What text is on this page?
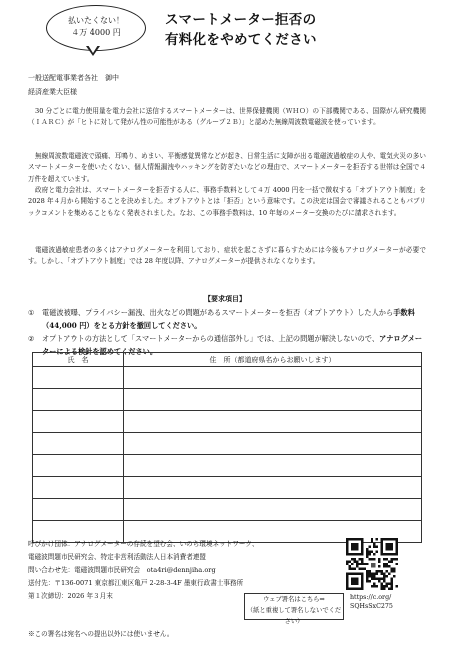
払いたくない！
４万 4000 円
スマートメーター拒否の
有料化をやめてください
一般送配電事業者各社　御中
経済産業大臣様
30 分ごとに電力使用量を電力会社に送信するスマートメーターは、世界保健機関（ＷＨＯ）の下部機関である、国際がん研究機関（ＩＡＲＣ）が「ヒトに対して発がん性の可能性がある（グループ２Ｂ）」と認めた無線周波数電磁波を使っています。
無線周波数電磁波で頭痛、耳鳴り、めまい、平衡感覚異常などが起き、日常生活に支障が出る電磁波過敏症の人や、電気火災の多いスマートメーターを使いたくない、個人情報漏洩やハッキングを防ぎたいなどの理由で、スマートメーターを拒否する世帯は全国で４万件を超えています。
政府と電力会社は、スマートメーターを拒否する人に、事務手数料として４万 4000 円を一括で徴収する「オプトアウト制度」を 2028 年４月から開始することを決めました。オプトアウトとは「拒否」という意味です。この決定は国会で審議されることもパブリックコメントを集めることもなく発表されました。なお、この事務手数料は、10 年毎のメーター交換のたびに請求されます。
電磁波過敏症患者の多くはアナログメーターを利用しており、症状を起こさずに暮らすためには今後もアナログメーターが必要です。しかし、「オプトアウト制度」では 28 年度以降、アナログメーターが提供されなくなります。
【要求項目】
①	電磁波被曝、プライバシー漏洩、出火などの問題があるスマートメーターを拒否（オプトアウト）した人から手数料（44,000 円）をとる方針を撤回してください。
②	オプトアウトの方法として「スマートメーターからの通信部外し」では、上記の問題が解決しないので、アナログメーターによる検針を認めてください。
氏　名	住　所（都道府県名からお願いします）

呼びかけ団体：アナログメーターの存続を望む会、いのち環境ネットワーク、
電磁波問題市民研究会、特定非営利活動法人日本消費者連盟
問い合わせ先：電磁波問題市民研究会　ota4ri@dennjiha.org
送付先：〒136-0071 東京都江東区亀戸 2-28-3-4F 墨東行政書士事務所
第１次締切：2026 年３月末	ウェブ署名はこちら⇒
（紙と重複して署名しないでください）
https://c.org/
SQHsSxC275
※この署名は宛名への提出以外には使いません。
